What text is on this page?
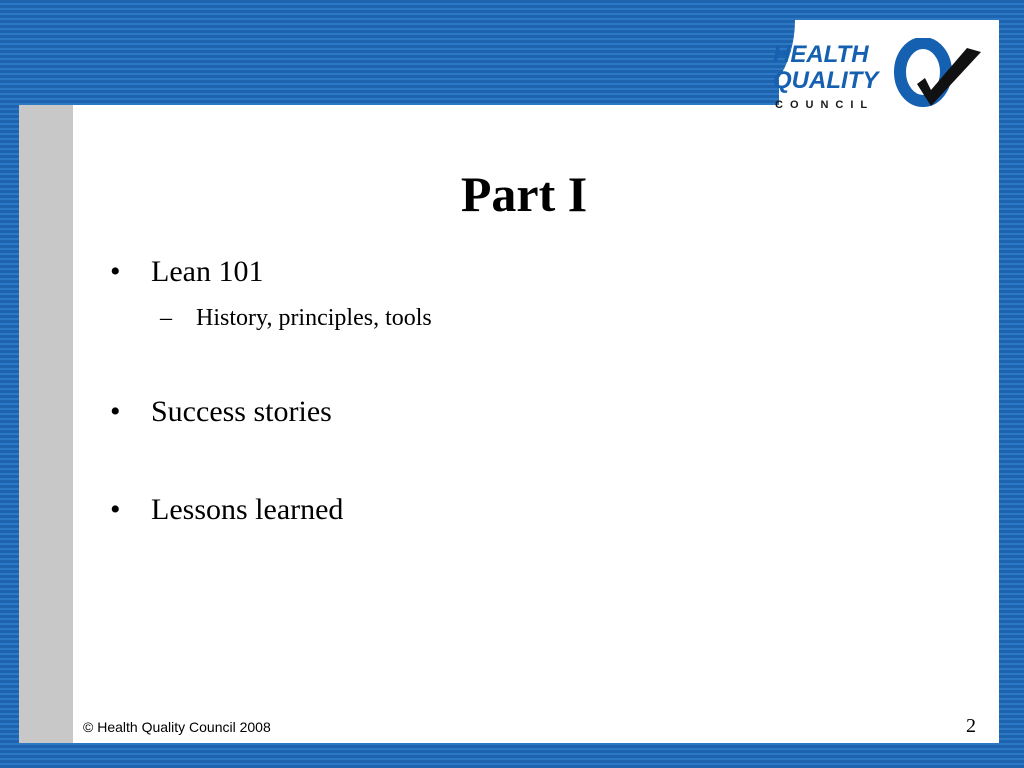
HEALTH
QUALITY
COUNCIL
Part I
• Lean 101
– History, principles, tools
• Success stories
• Lessons learned
© Health Quality Council 2008	2
